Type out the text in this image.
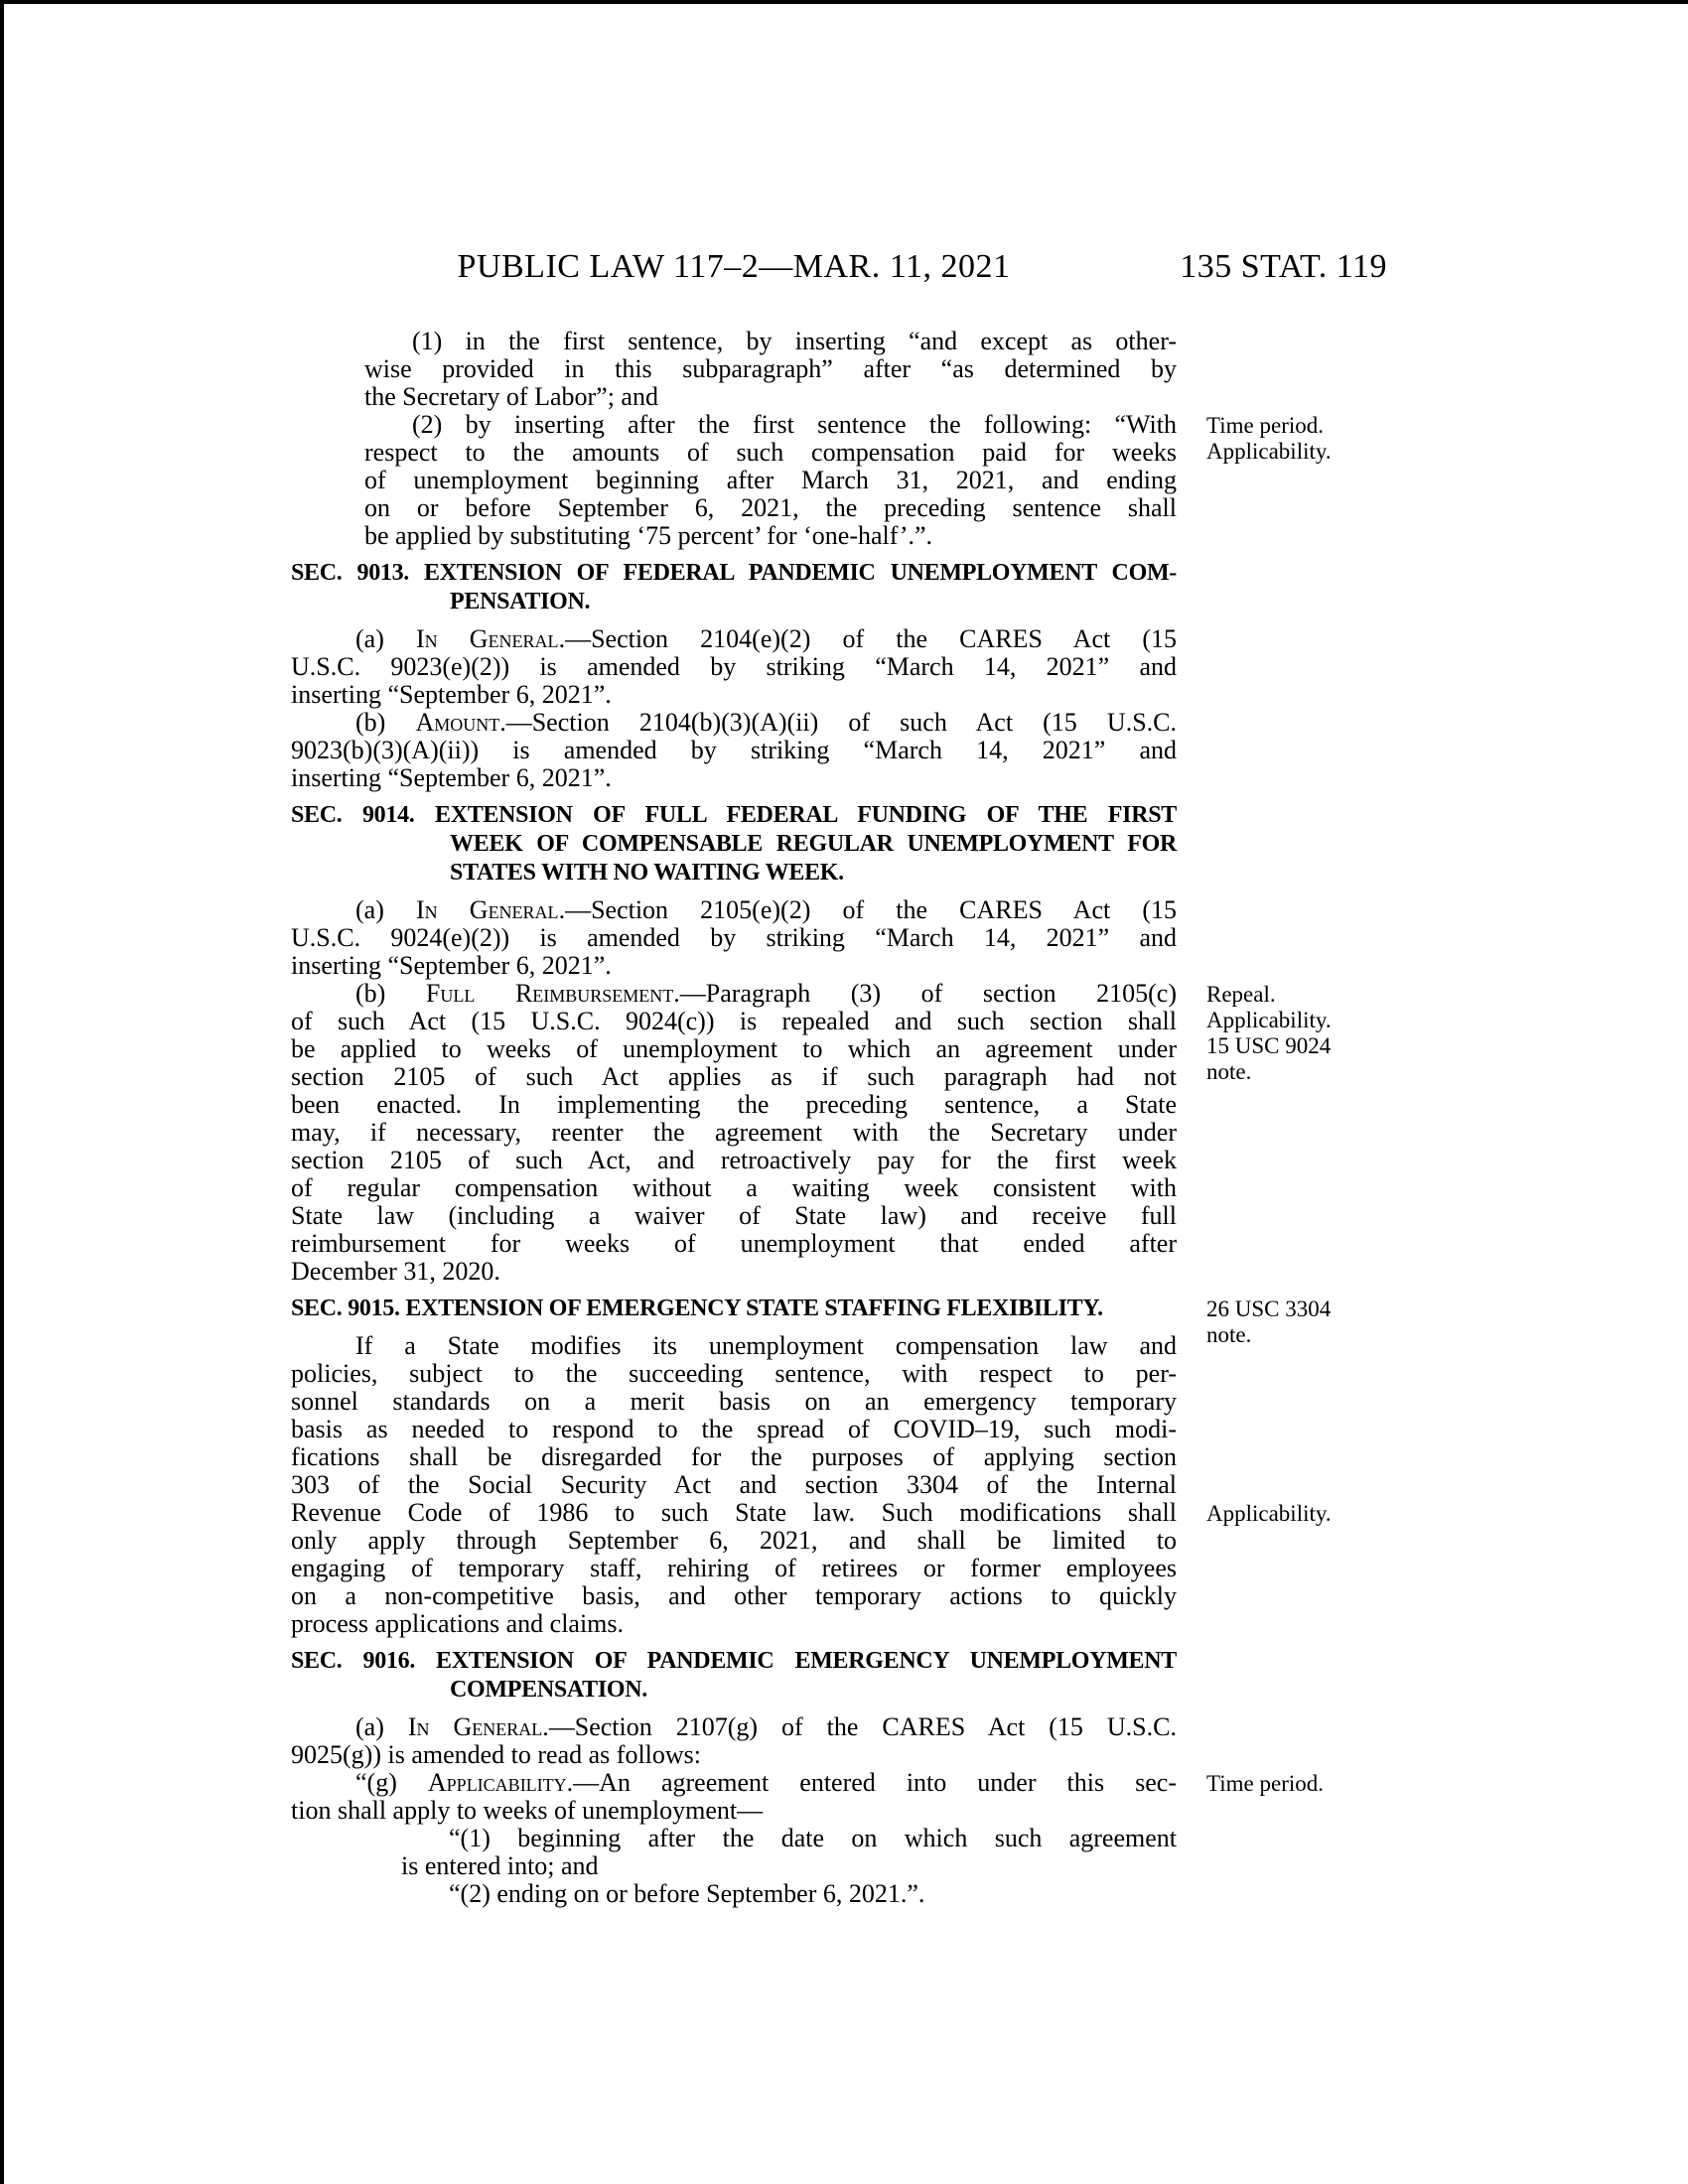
PUBLIC LAW 117–2—MAR. 11, 2021	135 STAT. 119
(1) in the first sentence, by inserting “and except as other-
wise provided in this subparagraph” after “as determined by
the Secretary of Labor”; and
(2) by inserting after the first sentence the following: “With
respect to the amounts of such compensation paid for weeks
of unemployment beginning after March 31, 2021, and ending
on or before September 6, 2021, the preceding sentence shall
be applied by substituting ‘75 percent’ for ‘one-half’.”.
SEC. 9013. EXTENSION OF FEDERAL PANDEMIC UNEMPLOYMENT COM-
PENSATION.
(a) In General.—Section 2104(e)(2) of the CARES Act (15
U.S.C. 9023(e)(2)) is amended by striking “March 14, 2021” and
inserting “September 6, 2021”.
(b) Amount.—Section 2104(b)(3)(A)(ii) of such Act (15 U.S.C.
9023(b)(3)(A)(ii)) is amended by striking “March 14, 2021” and
inserting “September 6, 2021”.
SEC. 9014. EXTENSION OF FULL FEDERAL FUNDING OF THE FIRST
WEEK OF COMPENSABLE REGULAR UNEMPLOYMENT FOR
STATES WITH NO WAITING WEEK.
(a) In General.—Section 2105(e)(2) of the CARES Act (15
U.S.C. 9024(e)(2)) is amended by striking “March 14, 2021” and
inserting “September 6, 2021”.
(b) Full Reimbursement.—Paragraph (3) of section 2105(c)
of such Act (15 U.S.C. 9024(c)) is repealed and such section shall
be applied to weeks of unemployment to which an agreement under
section 2105 of such Act applies as if such paragraph had not
been enacted. In implementing the preceding sentence, a State
may, if necessary, reenter the agreement with the Secretary under
section 2105 of such Act, and retroactively pay for the first week
of regular compensation without a waiting week consistent with
State law (including a waiver of State law) and receive full
reimbursement for weeks of unemployment that ended after
December 31, 2020.
SEC. 9015. EXTENSION OF EMERGENCY STATE STAFFING FLEXIBILITY.
If a State modifies its unemployment compensation law and
policies, subject to the succeeding sentence, with respect to per-
sonnel standards on a merit basis on an emergency temporary
basis as needed to respond to the spread of COVID–19, such modi-
fications shall be disregarded for the purposes of applying section
303 of the Social Security Act and section 3304 of the Internal
Revenue Code of 1986 to such State law. Such modifications shall
only apply through September 6, 2021, and shall be limited to
engaging of temporary staff, rehiring of retirees or former employees
on a non-competitive basis, and other temporary actions to quickly
process applications and claims.
SEC. 9016. EXTENSION OF PANDEMIC EMERGENCY UNEMPLOYMENT
COMPENSATION.
(a) In General.—Section 2107(g) of the CARES Act (15 U.S.C.
9025(g)) is amended to read as follows:
“(g) Applicability.—An agreement entered into under this sec-
tion shall apply to weeks of unemployment—
“(1) beginning after the date on which such agreement
is entered into; and
“(2) ending on or before September 6, 2021.”.
Time period.
Applicability.
Repeal.
Applicability.
15 USC 9024
note.
26 USC 3304
note.
Applicability.
Time period.
